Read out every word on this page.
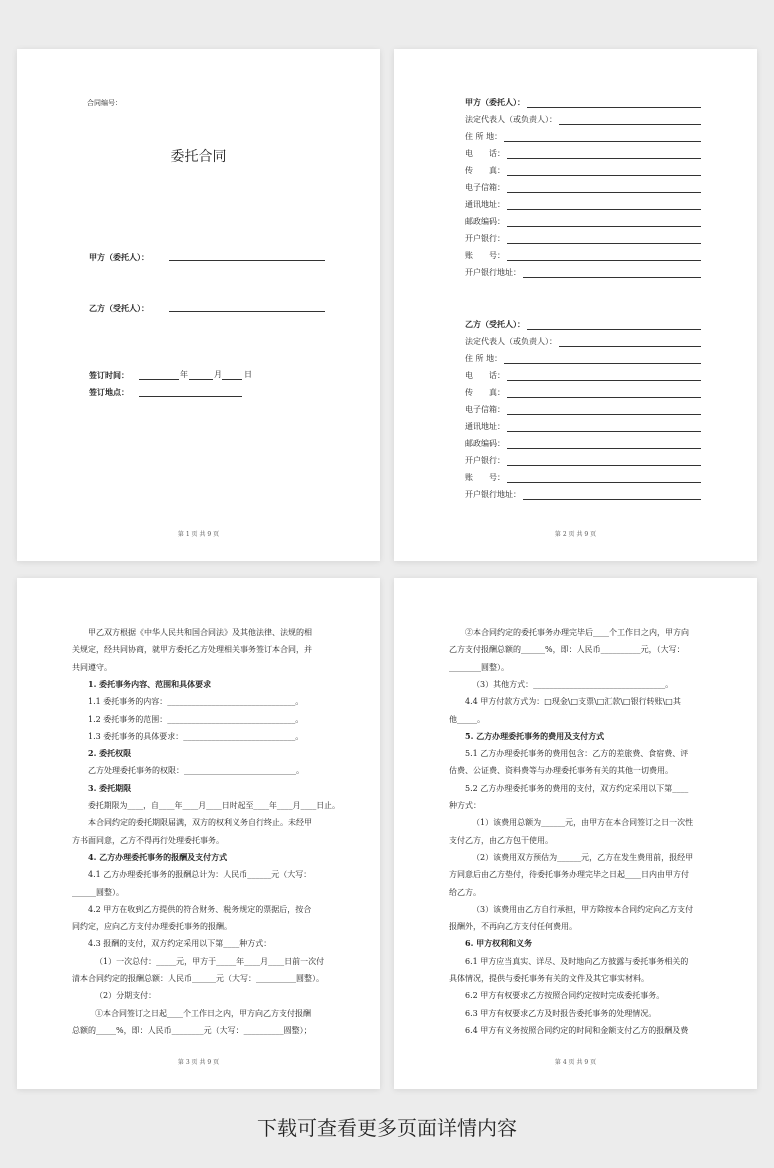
合同编号：
委托合同
甲方（委托人）：
乙方（受托人）：
签订时间：	年	月	日
签订地点：
第 1 页 共 9 页
甲方（委托人）：
法定代表人（或负责人）：
住 所 地：
电　　话：
传　　真：
电子信箱：
通讯地址：
邮政编码：
开户银行：
账　　号：
开户银行地址：
乙方（受托人）：
法定代表人（或负责人）：
住 所 地：
电　　话：
传　　真：
电子信箱：
通讯地址：
邮政编码：
开户银行：
账　　号：
开户银行地址：
第 2 页 共 9 页
甲乙双方根据《中华人民共和国合同法》及其他法律、法规的相
关规定，经共同协商，就甲方委托乙方处理相关事务签订本合同，并
共同遵守。
1. 委托事务内容、范围和具体要求
1.1 委托事务的内容：________________________________。
1.2 委托事务的范围：________________________________。
1.3 委托事务的具体要求：____________________________。
2. 委托权限
乙方处理委托事务的权限：____________________________。
3. 委托期限
委托期限为____，自____年____月____日时起至____年____月____日止。
本合同约定的委托期限届满，双方的权利义务自行终止。未经甲
方书面同意，乙方不得再行处理委托事务。
4. 乙方办理委托事务的报酬及支付方式
4.1 乙方办理委托事务的报酬总计为：人民币______元（大写：
______圆整）。
4.2 甲方在收到乙方提供的符合财务、税务规定的票据后，按合
同约定，应向乙方支付办理委托事务的报酬。
4.3 报酬的支付，双方约定采用以下第____种方式：
（1）一次总付：_____元，甲方于_____年____月____日前一次付
清本合同约定的报酬总额：人民币______元（大写：__________圆整）。
（2）分期支付：
①本合同签订之日起____个工作日之内，甲方向乙方支付报酬
总额的_____%，即：人民币________元（大写：__________圆整）；
第 3 页 共 9 页
②本合同约定的委托事务办理完毕后____个工作日之内，甲方向
乙方支付报酬总额的______%，即：人民币__________元，（大写：
________圆整）。
（3）其他方式：_________________________________。
4.4 甲方付款方式为：□现金\□支票\□汇款\□银行转账\□其
他_____。
5. 乙方办理委托事务的费用及支付方式
5.1 乙方办理委托事务的费用包含：乙方的差旅费、食宿费、评
估费、公证费、资料费等与办理委托事务有关的其他一切费用。
5.2 乙方办理委托事务的费用的支付，双方约定采用以下第____
种方式：
（1）该费用总额为______元，由甲方在本合同签订之日一次性
支付乙方，由乙方包干使用。
（2）该费用双方预估为______元，乙方在发生费用前，报经甲
方同意后由乙方垫付，待委托事务办理完毕之日起____日内由甲方付
给乙方。
（3）该费用由乙方自行承担，甲方除按本合同约定向乙方支付
报酬外，不再向乙方支付任何费用。
6. 甲方权利和义务
6.1 甲方应当真实、详尽、及时地向乙方披露与委托事务相关的
具体情况，提供与委托事务有关的文件及其它事实材料。
6.2 甲方有权要求乙方按照合同约定按时完成委托事务。
6.3 甲方有权要求乙方及时报告委托事务的处理情况。
6.4 甲方有义务按照合同约定的时间和金额支付乙方的报酬及费
第 4 页 共 9 页
下载可查看更多页面详情内容
